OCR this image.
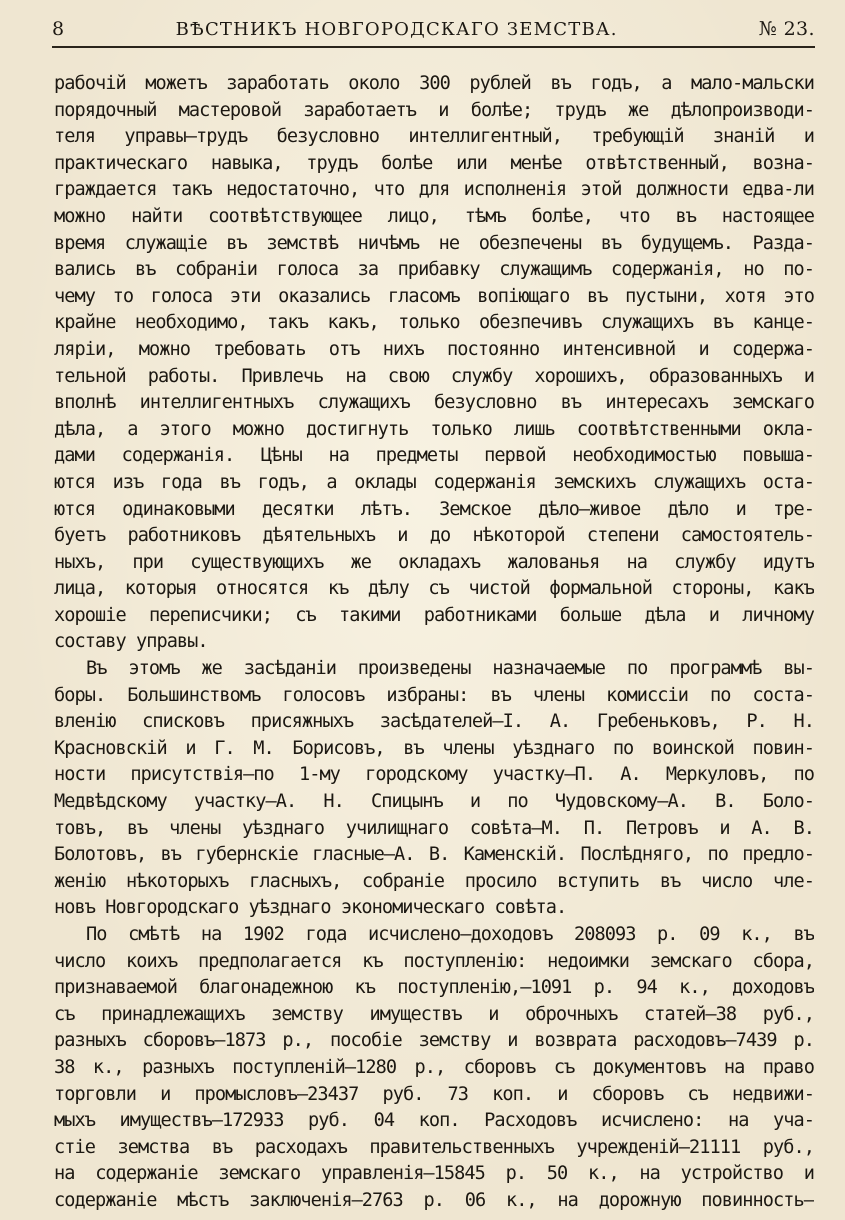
8	ВѢСТНИКЪ НОВГОРОДСКАГО ЗЕМСТВА.	№ 23.
рабочій можетъ заработать около 300 рублей въ годъ, а мало-мальски
порядочный мастеровой заработаетъ и болѣе; трудъ же дѣлопроизводи-
теля управы—трудъ безусловно интеллигентный, требующій знаній и
практическаго навыка, трудъ болѣе или менѣе отвѣтственный, возна-
граждается такъ недостаточно, что для исполненія этой должности едва-ли
можно найти соотвѣтствующее лицо, тѣмъ болѣе, что въ настоящее
время служащіе въ земствѣ ничѣмъ не обезпечены въ будущемъ. Разда-
вались въ собраніи голоса за прибавку служащимъ содержанія, но по-
чему то голоса эти оказались гласомъ вопіющаго въ пустыни, хотя это
крайне необходимо, такъ какъ, только обезпечивъ служащихъ въ канце-
ляріи, можно требовать отъ нихъ постоянно интенсивной и содержа-
тельной работы. Привлечь на свою службу хорошихъ, образованныхъ и
вполнѣ интеллигентныхъ служащихъ безусловно въ интересахъ земскаго
дѣла, а этого можно достигнуть только лишь соотвѣтственными окла-
дами содержанія. Цѣны на предметы первой необходимостью повыша-
ются изъ года въ годъ, а оклады содержанія земскихъ служащихъ оста-
ются одинаковыми десятки лѣтъ. Земское дѣло—живое дѣло и тре-
буетъ работниковъ дѣятельныхъ и до нѣкоторой степени самостоятель-
ныхъ, при существующихъ же окладахъ жалованья на службу идутъ
лица, которыя относятся къ дѣлу съ чистой формальной стороны, какъ
хорошіе переписчики; съ такими работниками больше дѣла и личному
составу управы.
Въ этомъ же засѣданіи произведены назначаемые по программѣ вы-
боры. Большинствомъ голосовъ избраны: въ члены комиссіи по соста-
вленію списковъ присяжныхъ засѣдателей—I. А. Гребеньковъ, Р. Н.
Красновскій и Г. М. Борисовъ, въ члены уѣзднаго по воинской повин-
ности присутствія—по 1-му городскому участку—П. А. Меркуловъ, по
Медвѣдскому участку—А. Н. Спицынъ и по Чудовскому—А. В. Боло-
товъ, въ члены уѣзднаго училищнаго совѣта—М. П. Петровъ и А. В.
Болотовъ, въ губернскіе гласные—А. В. Каменскій. Послѣдняго, по предло-
женію нѣкоторыхъ гласныхъ, собраніе просило вступить въ число чле-
новъ Новгородскаго уѣзднаго экономическаго совѣта.
По смѣтѣ на 1902 года исчислено—доходовъ 208093 р. 09 к., въ
число коихъ предполагается къ поступленію: недоимки земскаго сбора,
признаваемой благонадежною къ поступленію,—1091 р. 94 к., доходовъ
съ принадлежащихъ земству имуществъ и оброчныхъ статей—38 руб.,
разныхъ сборовъ—1873 р., пособіе земству и возврата расходовъ—7439 р.
38 к., разныхъ поступленій—1280 р., сборовъ съ документовъ на право
торговли и промысловъ—23437 руб. 73 коп. и сборовъ съ недвижи-
мыхъ имуществъ—172933 руб. 04 коп. Расходовъ исчислено: на уча-
стіе земства въ расходахъ правительственныхъ учрежденій—21111 руб.,
на содержаніе земскаго управленія—15845 р. 50 к., на устройство и
содержаніе мѣстъ заключенія—2763 р. 06 к., на дорожную повинность—
